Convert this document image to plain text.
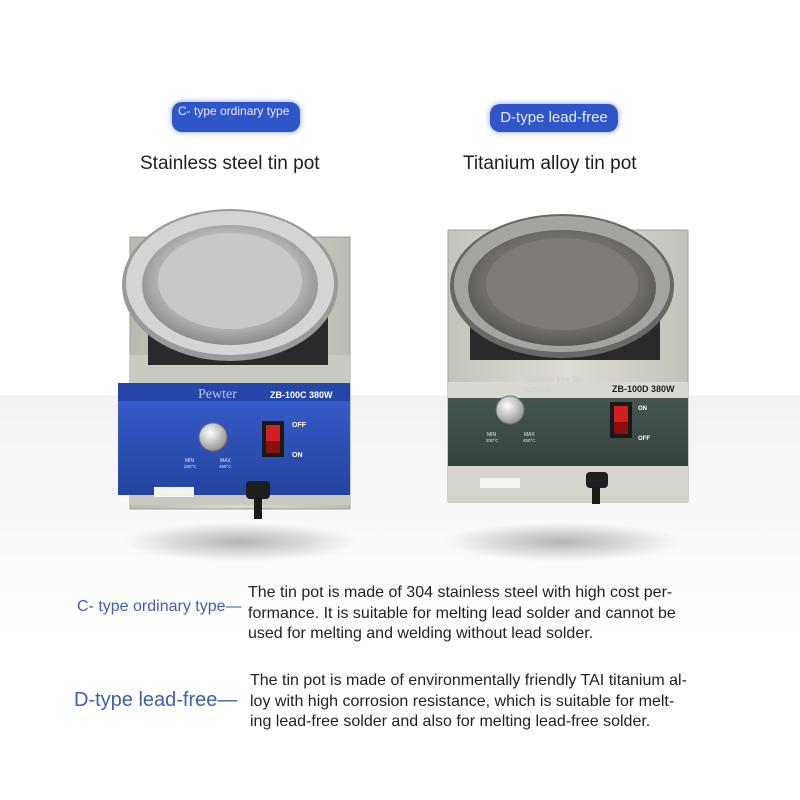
C- type ordinary type	D-type lead-free
Stainless steel tin pot	Titanium alloy tin pot
Pewter	ZB-100C 380W
MIN	MAX
200°C	450°C
OFF
ON
Titanium free tin
furnace	ZB-100D 380W
MIN	MAX
200°C	450°C
ON
OFF
C- type ordinary type—
The tin pot is made of 304 stainless steel with high cost per-
formance. It is suitable for melting lead solder and cannot be
used for melting and welding without lead solder.
D-type lead-free—
The tin pot is made of environmentally friendly TAI titanium al-
loy with high corrosion resistance, which is suitable for melt-
ing lead-free solder and also for melting lead-free solder.
